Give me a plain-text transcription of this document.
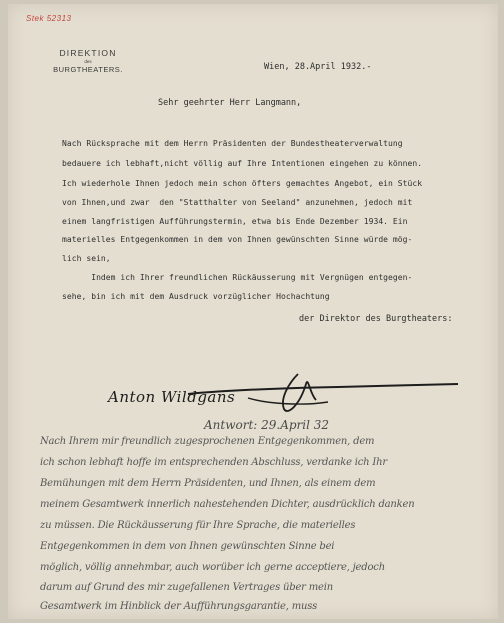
Stek 52313
DIREKTION
des
BURGTHEATERS.	Wien, 28.April 1932.-
Sehr geehrter Herr Langmann,
Nach Rücksprache mit dem Herrn Präsidenten der Bundestheaterverwaltung
bedauere ich lebhaft,nicht völlig auf Ihre Intentionen eingehen zu können.
Ich wiederhole Ihnen jedoch mein schon öfters gemachtes Angebot, ein Stück
von Ihnen,und zwar  den "Statthalter von Seeland" anzunehmen, jedoch mit
einem langfristigen Aufführungstermin, etwa bis Ende Dezember 1934. Ein
materielles Entgegenkommen in dem von Ihnen gewünschten Sinne würde mög-
lich sein,
Indem ich Ihrer freundlichen Rückäusserung mit Vergnügen entgegen-
sehe, bin ich mit dem Ausdruck vorzüglicher Hochachtung
der Direktor des Burgtheaters:
Anton Wildgans
Antwort: 29.April 32
Nach Ihrem mir freundlich zugesprochenen Entgegenkommen, dem
ich schon lebhaft hoffe im entsprechenden Abschluss, verdanke ich Ihr
Bemühungen mit dem Herrn Präsidenten, und Ihnen, als einem dem
meinem Gesamtwerk innerlich nahestehenden Dichter, ausdrücklich danken
zu müssen. Die Rückäusserung für Ihre Sprache, die materielles
Entgegenkommen in dem von Ihnen gewünschten Sinne bei
möglich, völlig annehmbar, auch worüber ich gerne acceptiere, jedoch
darum auf Grund des mir zugefallenen Vertrages über mein
Gesamtwerk im Hinblick der Aufführungsgarantie, muss
